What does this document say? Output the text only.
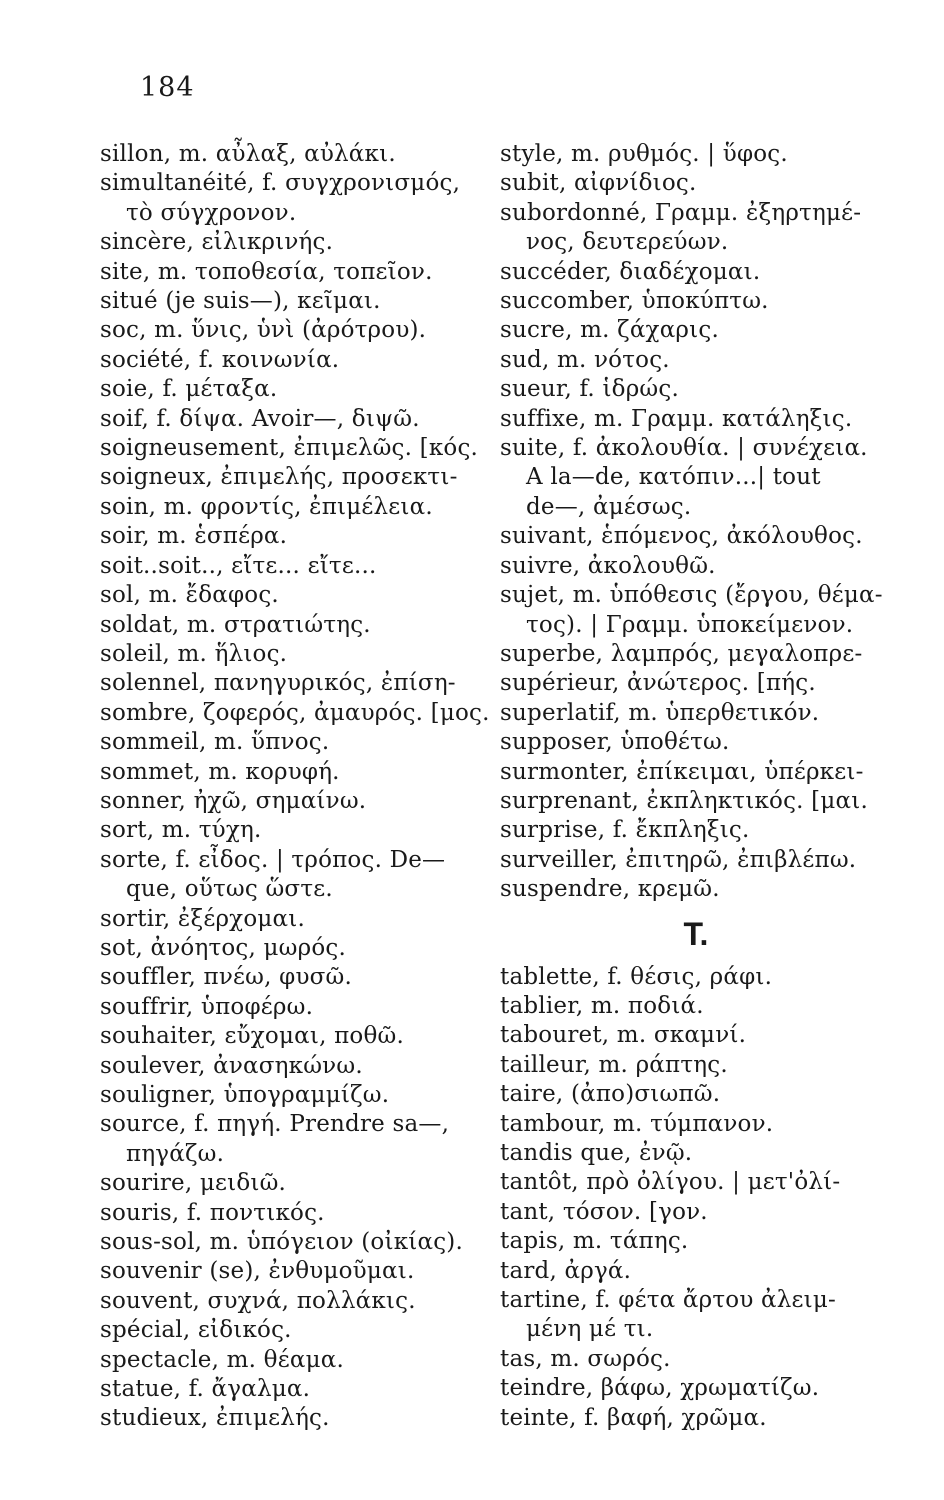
184
sillon, m. αὖλαξ, αὐλάκι.
simultanéité, f. συγχρονισμός,
τὸ σύγχρονον.
sincère, εἰλικρινής.
site, m. τοποθεσία, τοπεῖον.
situé (je suis—), κεῖμαι.
soc, m. ὕνις, ὑνὶ (ἀρότρου).
société, f. κοινωνία.
soie, f. μέταξα.
soif, f. δίψα. Avoir—, διψῶ.
soigneusement, ἐπιμελῶς. [κός.
soigneux, ἐπιμελής, προσεκτι-
soin, m. φροντίς, ἐπιμέλεια.
soir, m. ἑσπέρα.
soit..soit.., εἴτε... εἴτε...
sol, m. ἔδαφος.
soldat, m. στρατιώτης.
soleil, m. ἥλιος.
solennel, πανηγυρικός, ἐπίση-
sombre, ζοφερός, ἀμαυρός. [μος.
sommeil, m. ὕπνος.
sommet, m. κορυφή.
sonner, ἠχῶ, σημαίνω.
sort, m. τύχη.
sorte, f. εἶδος. | τρόπος. De—
que, οὕτως ὥστε.
sortir, ἐξέρχομαι.
sot, ἀνόητος, μωρός.
souffler, πνέω, φυσῶ.
souffrir, ὑποφέρω.
souhaiter, εὔχομαι, ποθῶ.
soulever, ἀνασηκώνω.
souligner, ὑπογραμμίζω.
source, f. πηγή. Prendre sa—,
πηγάζω.
sourire, μειδιῶ.
souris, f. ποντικός.
sous-sol, m. ὑπόγειον (οἰκίας).
souvenir (se), ἐνθυμοῦμαι.
souvent, συχνά, πολλάκις.
spécial, εἰδικός.
spectacle, m. θέαμα.
statue, f. ἄγαλμα.
studieux, ἐπιμελής.
style, m. ρυθμός. | ὕφος.
subit, αἰφνίδιος.
subordonné, Γραμμ. ἐξηρτημέ-
νος, δευτερεύων.
succéder, διαδέχομαι.
succomber, ὑποκύπτω.
sucre, m. ζάχαρις.
sud, m. νότος.
sueur, f. ἱδρώς.
suffixe, m. Γραμμ. κατάληξις.
suite, f. ἀκολουθία. | συνέχεια.
A la—de, κατόπιν...| tout
de—, ἀμέσως.
suivant, ἑπόμενος, ἀκόλουθος.
suivre, ἀκολουθῶ.
sujet, m. ὑπόθεσις (ἔργου, θέμα-
τος). | Γραμμ. ὑποκείμενον.
superbe, λαμπρός, μεγαλοπρε-
supérieur, ἀνώτερος. [πής.
superlatif, m. ὑπερθετικόν.
supposer, ὑποθέτω.
surmonter, ἐπίκειμαι, ὑπέρκει-
surprenant, ἐκπληκτικός. [μαι.
surprise, f. ἔκπληξις.
surveiller, ἐπιτηρῶ, ἐπιβλέπω.
suspendre, κρεμῶ.
T.
tablette, f. θέσις, ράφι.
tablier, m. ποδιά.
tabouret, m. σκαμνί.
tailleur, m. ράπτης.
taire, (ἀπο)σιωπῶ.
tambour, m. τύμπανον.
tandis que, ἐνῷ.
tantôt, πρὸ ὀλίγου. | μετ'ὀλί-
tant, τόσον. [γον.
tapis, m. τάπης.
tard, ἀργά.
tartine, f. φέτα ἄρτου ἀλειμ-
μένη μέ τι.
tas, m. σωρός.
teindre, βάφω, χρωματίζω.
teinte, f. βαφή, χρῶμα.
